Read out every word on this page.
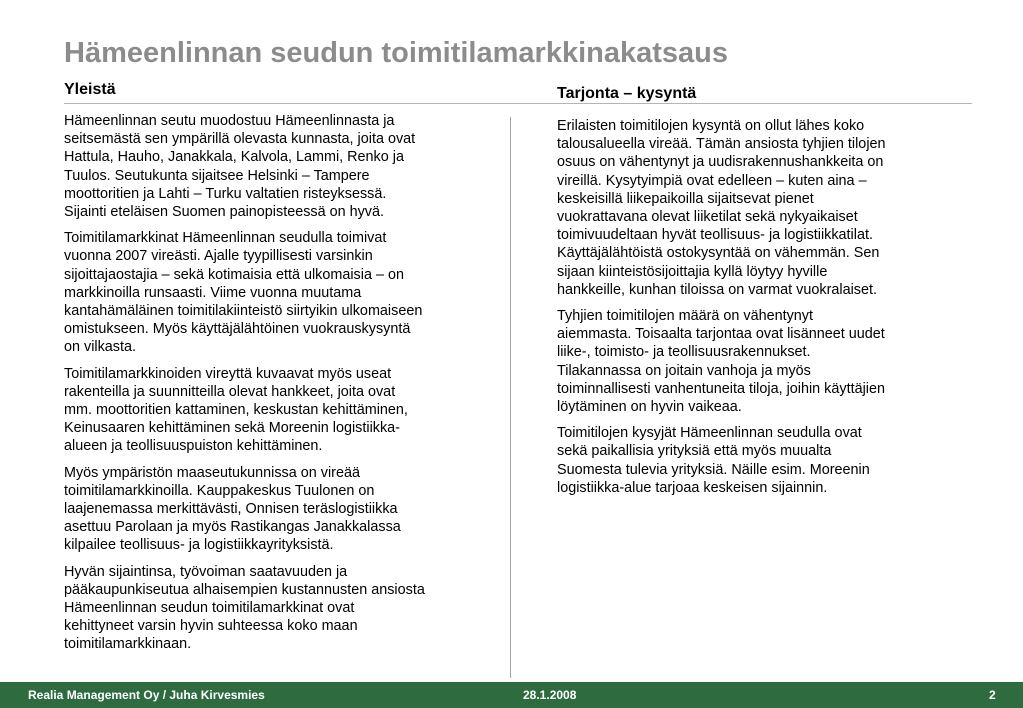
Hämeenlinnan seudun toimitilamarkkinakatsaus
Yleistä	Tarjonta – kysyntä

Hämeenlinnan seutu muodostuu Hämeenlinnasta ja
seitsemästä sen ympärillä olevasta kunnasta, joita ovat
Hattula, Hauho, Janakkala, Kalvola, Lammi, Renko ja
Tuulos. Seutukunta sijaitsee Helsinki – Tampere
moottoritien ja Lahti – Turku valtatien risteyksessä.
Sijainti eteläisen Suomen painopisteessä on hyvä.

Toimitilamarkkinat Hämeenlinnan seudulla toimivat
vuonna 2007 vireästi. Ajalle tyypillisesti varsinkin
sijoittajaostajia – sekä kotimaisia että ulkomaisia – on
markkinoilla runsaasti. Viime vuonna muutama
kantahämäläinen toimitilakiinteistö siirtyikin ulkomaiseen
omistukseen. Myös käyttäjälähtöinen vuokrauskysyntä
on vilkasta.

Toimitilamarkkinoiden vireyttä kuvaavat myös useat
rakenteilla ja suunnitteilla olevat hankkeet, joita ovat
mm. moottoritien kattaminen, keskustan kehittäminen,
Keinusaaren kehittäminen sekä Moreenin logistiikka-
alueen ja teollisuuspuiston kehittäminen.

Myös ympäristön maaseutukunnissa on vireää
toimitilamarkkinoilla. Kauppakeskus Tuulonen on
laajenemassa merkittävästi, Onnisen teräslogistiikka
asettuu Parolaan ja myös Rastikangas Janakkalassa
kilpailee teollisuus- ja logistiikkayrityksistä.

Hyvän sijaintinsa, työvoiman saatavuuden ja
pääkaupunkiseutua alhaisempien kustannusten ansiosta
Hämeenlinnan seudun toimitilamarkkinat ovat
kehittyneet varsin hyvin suhteessa koko maan
toimitilamarkkinaan.

Erilaisten toimitilojen kysyntä on ollut lähes koko
talousalueella vireää. Tämän ansiosta tyhjien tilojen
osuus on vähentynyt ja uudisrakennushankkeita on
vireillä. Kysytyimpiä ovat edelleen – kuten aina –
keskeisillä liikepaikoilla sijaitsevat pienet
vuokrattavana olevat liiketilat sekä nykyaikaiset
toimivuudeltaan hyvät teollisuus- ja logistiikkatilat.
Käyttäjälähtöistä ostokysyntää on vähemmän. Sen
sijaan kiinteistösijoittajia kyllä löytyy hyville
hankkeille, kunhan tiloissa on varmat vuokralaiset.

Tyhjien toimitilojen määrä on vähentynyt
aiemmasta. Toisaalta tarjontaa ovat lisänneet uudet
liike-, toimisto- ja teollisuusrakennukset.
Tilakannassa on joitain vanhoja ja myös
toiminnallisesti vanhentuneita tiloja, joihin käyttäjien
löytäminen on hyvin vaikeaa.

Toimitilojen kysyjät Hämeenlinnan seudulla ovat
sekä paikallisia yrityksiä että myös muualta
Suomesta tulevia yrityksiä. Näille esim. Moreenin
logistiikka-alue tarjoaa keskeisen sijainnin.

Realia Management Oy / Juha Kirvesmies	28.1.2008	2
